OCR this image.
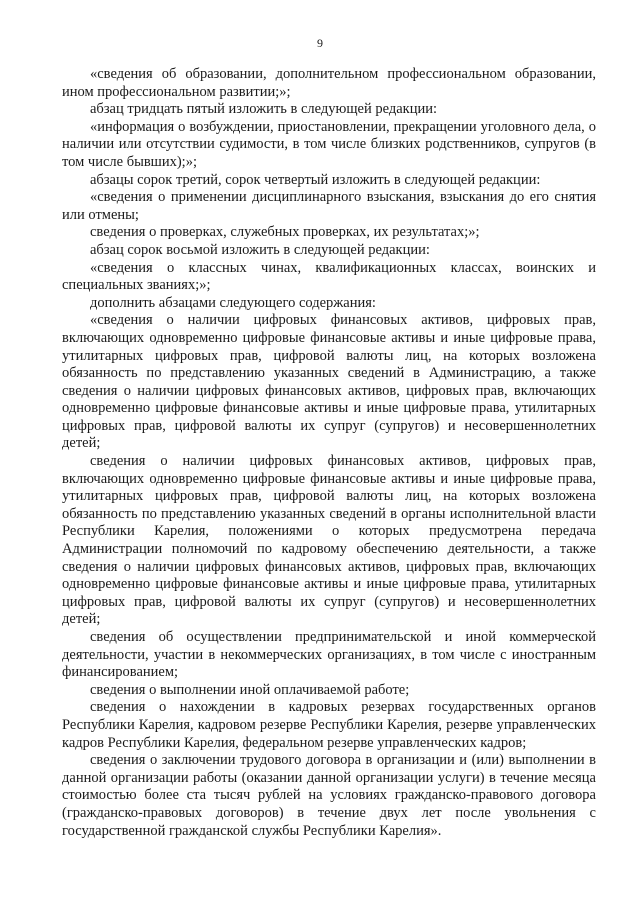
9

«сведения об образовании, дополнительном профессиональном образовании, ином профессиональном развитии;»;

абзац тридцать пятый изложить в следующей редакции:

«информация о возбуждении, приостановлении, прекращении уголовного дела, о наличии или отсутствии судимости, в том числе близких родственников, супругов (в том числе бывших);»;

абзацы сорок третий, сорок четвертый изложить в следующей редакции:

«сведения о применении дисциплинарного взыскания, взыскания до его снятия или отмены;

сведения о проверках, служебных проверках, их результатах;»;

абзац сорок восьмой изложить в следующей редакции:

«сведения о классных чинах, квалификационных классах, воинских и специальных званиях;»;

дополнить абзацами следующего содержания:

«сведения о наличии цифровых финансовых активов, цифровых прав, включающих одновременно цифровые финансовые активы и иные цифровые права, утилитарных цифровых прав, цифровой валюты лиц, на которых возложена обязанность по представлению указанных сведений в Администрацию, а также сведения о наличии цифровых финансовых активов, цифровых прав, включающих одновременно цифровые финансовые активы и иные цифровые права, утилитарных цифровых прав, цифровой валюты их супруг (супругов) и несовершеннолетних детей;

сведения о наличии цифровых финансовых активов, цифровых прав, включающих одновременно цифровые финансовые активы и иные цифровые права, утилитарных цифровых прав, цифровой валюты лиц, на которых возложена обязанность по представлению указанных сведений в органы исполнительной власти Республики Карелия, положениями о которых предусмотрена передача Администрации полномочий по кадровому обеспечению деятельности, а также сведения о наличии цифровых финансовых активов, цифровых прав, включающих одновременно цифровые финансовые активы и иные цифровые права, утилитарных цифровых прав, цифровой валюты их супруг (супругов) и несовершеннолетних детей;

сведения об осуществлении предпринимательской и иной коммерческой деятельности, участии в некоммерческих организациях, в том числе с иностранным финансированием;

сведения о выполнении иной оплачиваемой работе;

сведения о нахождении в кадровых резервах государственных органов Республики Карелия, кадровом резерве Республики Карелия, резерве управленческих кадров Республики Карелия, федеральном резерве управленческих кадров;

сведения о заключении трудового договора в организации и (или) выполнении в данной организации работы (оказании данной организации услуги) в течение месяца стоимостью более ста тысяч рублей на условиях гражданско-правового договора (гражданско-правовых договоров) в течение двух лет после увольнения с государственной гражданской службы Республики Карелия».
